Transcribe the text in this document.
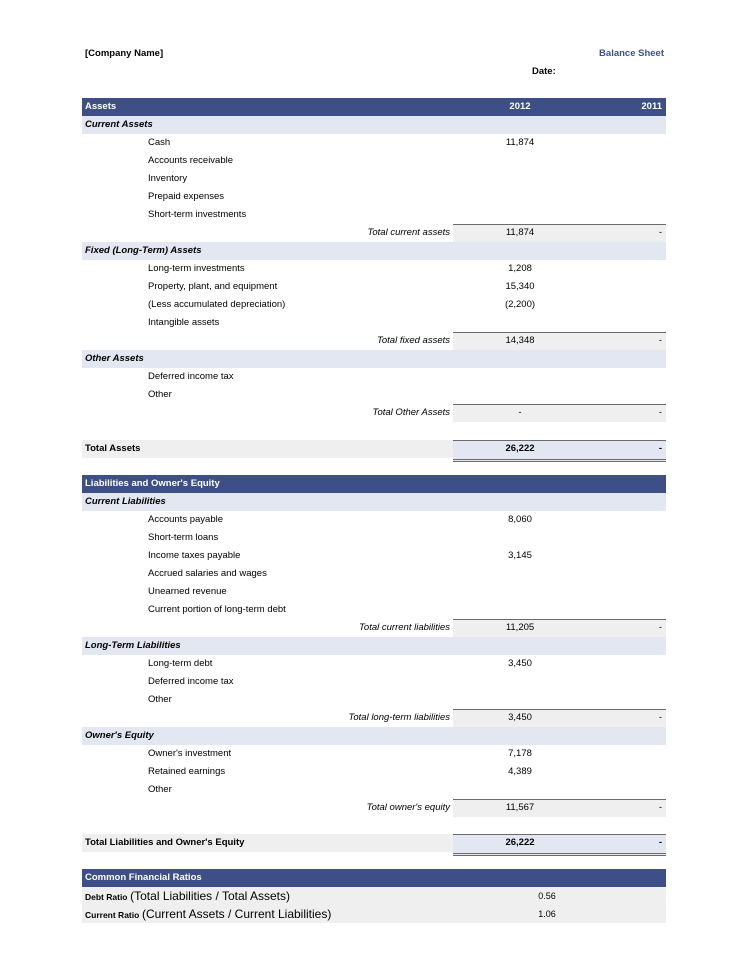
[Company Name]	Balance Sheet
Date:
Assets	2012	2011
Current Assets
Cash	11,874
Accounts receivable
Inventory
Prepaid expenses
Short-term investments
Total current assets	11,874	-
Fixed (Long-Term) Assets
Long-term investments	1,208
Property, plant, and equipment	15,340
(Less accumulated depreciation)	(2,200)
Intangible assets
Total fixed assets	14,348	-
Other Assets
Deferred income tax
Other
Total Other Assets	-	-
Total Assets	26,222	-
Liabilities and Owner's Equity
Current Liabilities
Accounts payable	8,060
Short-term loans
Income taxes payable	3,145
Accrued salaries and wages
Unearned revenue
Current portion of long-term debt
Total current liabilities	11,205	-
Long-Term Liabilities
Long-term debt	3,450
Deferred income tax
Other
Total long-term liabilities	3,450	-
Owner's Equity
Owner's investment	7,178
Retained earnings	4,389
Other
Total owner's equity	11,567	-
Total Liabilities and Owner's Equity	26,222	-
Common Financial Ratios
Debt Ratio (Total Liabilities / Total Assets)	0.56
Current Ratio (Current Assets / Current Liabilities)	1.06
